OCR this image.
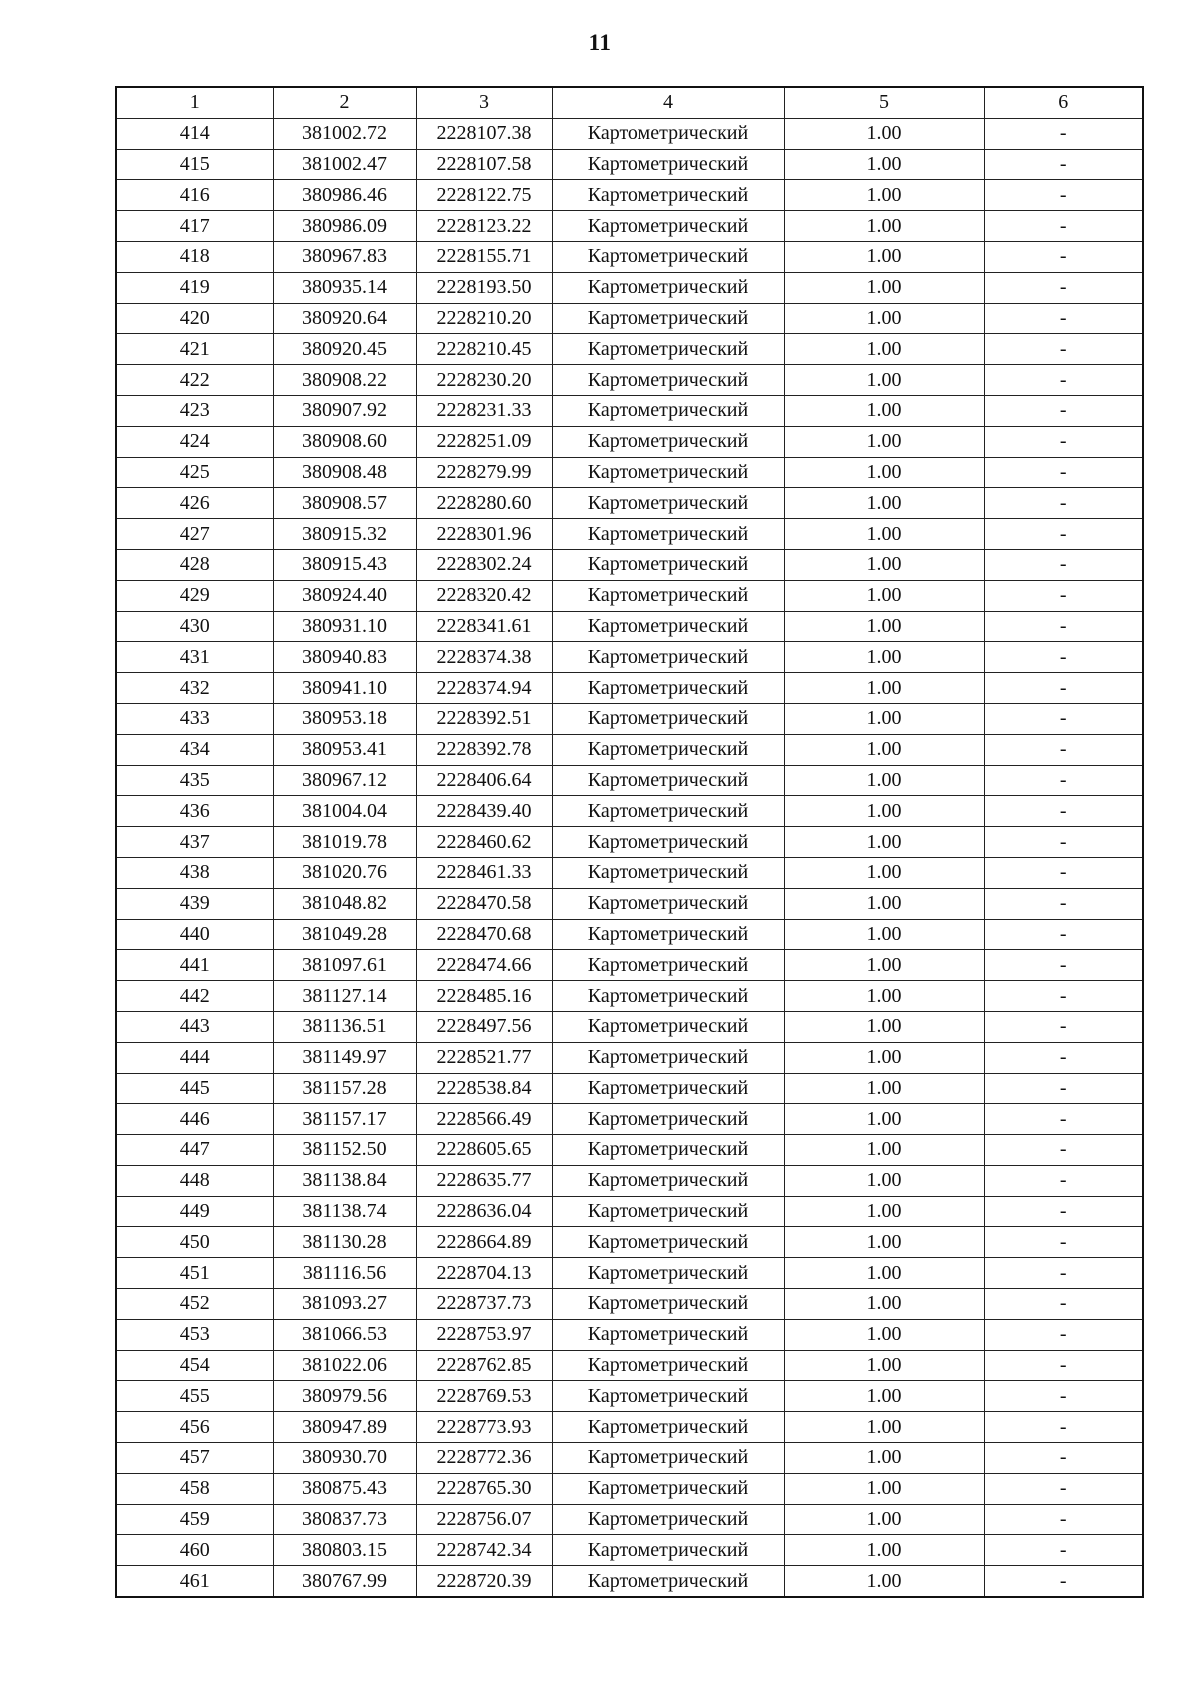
11
1	2	3	4	5	6
414	381002.72	2228107.38	Картометрический	1.00	-
415	381002.47	2228107.58	Картометрический	1.00	-
416	380986.46	2228122.75	Картометрический	1.00	-
417	380986.09	2228123.22	Картометрический	1.00	-
418	380967.83	2228155.71	Картометрический	1.00	-
419	380935.14	2228193.50	Картометрический	1.00	-
420	380920.64	2228210.20	Картометрический	1.00	-
421	380920.45	2228210.45	Картометрический	1.00	-
422	380908.22	2228230.20	Картометрический	1.00	-
423	380907.92	2228231.33	Картометрический	1.00	-
424	380908.60	2228251.09	Картометрический	1.00	-
425	380908.48	2228279.99	Картометрический	1.00	-
426	380908.57	2228280.60	Картометрический	1.00	-
427	380915.32	2228301.96	Картометрический	1.00	-
428	380915.43	2228302.24	Картометрический	1.00	-
429	380924.40	2228320.42	Картометрический	1.00	-
430	380931.10	2228341.61	Картометрический	1.00	-
431	380940.83	2228374.38	Картометрический	1.00	-
432	380941.10	2228374.94	Картометрический	1.00	-
433	380953.18	2228392.51	Картометрический	1.00	-
434	380953.41	2228392.78	Картометрический	1.00	-
435	380967.12	2228406.64	Картометрический	1.00	-
436	381004.04	2228439.40	Картометрический	1.00	-
437	381019.78	2228460.62	Картометрический	1.00	-
438	381020.76	2228461.33	Картометрический	1.00	-
439	381048.82	2228470.58	Картометрический	1.00	-
440	381049.28	2228470.68	Картометрический	1.00	-
441	381097.61	2228474.66	Картометрический	1.00	-
442	381127.14	2228485.16	Картометрический	1.00	-
443	381136.51	2228497.56	Картометрический	1.00	-
444	381149.97	2228521.77	Картометрический	1.00	-
445	381157.28	2228538.84	Картометрический	1.00	-
446	381157.17	2228566.49	Картометрический	1.00	-
447	381152.50	2228605.65	Картометрический	1.00	-
448	381138.84	2228635.77	Картометрический	1.00	-
449	381138.74	2228636.04	Картометрический	1.00	-
450	381130.28	2228664.89	Картометрический	1.00	-
451	381116.56	2228704.13	Картометрический	1.00	-
452	381093.27	2228737.73	Картометрический	1.00	-
453	381066.53	2228753.97	Картометрический	1.00	-
454	381022.06	2228762.85	Картометрический	1.00	-
455	380979.56	2228769.53	Картометрический	1.00	-
456	380947.89	2228773.93	Картометрический	1.00	-
457	380930.70	2228772.36	Картометрический	1.00	-
458	380875.43	2228765.30	Картометрический	1.00	-
459	380837.73	2228756.07	Картометрический	1.00	-
460	380803.15	2228742.34	Картометрический	1.00	-
461	380767.99	2228720.39	Картометрический	1.00	-
